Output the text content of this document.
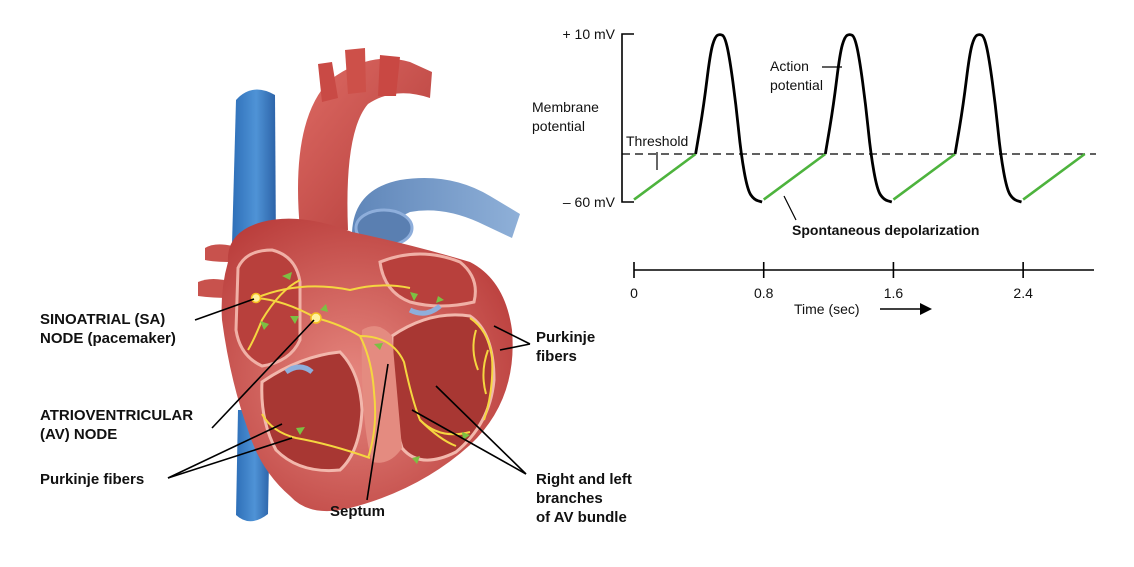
SINOATRIAL (SA) NODE (pacemaker)
ATRIOVENTRICULAR (AV) NODE
Purkinje fibers
Septum
Purkinje fibers
Right and left branches of AV bundle
+ 10 mV
– 60 mV
Membrane potential
Threshold
Action
potential
Spontaneous depolarization
0	0.8	1.6	2.4
Time (sec)
